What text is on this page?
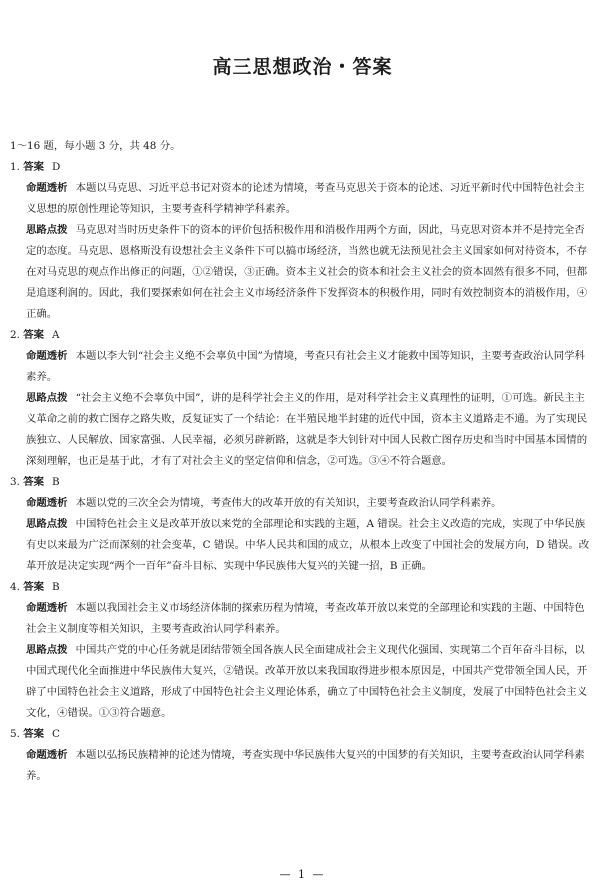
高三思想政治・答案

1～16 题，每小题 3 分，共 48 分。

1. 答案 D

命题透析 本题以马克思、习近平总书记对资本的论述为情境，考查马克思关于资本的论述、习近平新时代中国特色社会主义思想的原创性理论等知识，主要考查科学精神学科素养。

思路点拨 马克思对当时历史条件下的资本的评价包括积极作用和消极作用两个方面，因此，马克思对资本并不是持完全否定的态度。马克思、恩格斯没有设想社会主义条件下可以搞市场经济，当然也就无法预见社会主义国家如何对待资本，不存在对马克思的观点作出修正的问题，①②错误，③正确。资本主义社会的资本和社会主义社会的资本固然有很多不同，但都是追逐利润的。因此，我们要探索如何在社会主义市场经济条件下发挥资本的积极作用，同时有效控制资本的消极作用，④正确。

2. 答案 A

命题透析 本题以李大钊“社会主义绝不会辜负中国”为情境，考查只有社会主义才能救中国等知识，主要考查政治认同学科素养。

思路点拨 “社会主义绝不会辜负中国”，讲的是科学社会主义的作用，是对科学社会主义真理性的证明，①可选。新民主主义革命之前的救亡图存之路失败，反复证实了一个结论：在半殖民地半封建的近代中国，资本主义道路走不通。为了实现民族独立、人民解放、国家富强、人民幸福，必须另辟新路，这就是李大钊针对中国人民救亡图存历史和当时中国基本国情的深刻理解，也正是基于此，才有了对社会主义的坚定信仰和信念，②可选。③④不符合题意。

3. 答案 B

命题透析 本题以党的三次全会为情境，考查伟大的改革开放的有关知识，主要考查政治认同学科素养。

思路点拨 中国特色社会主义是改革开放以来党的全部理论和实践的主题，A 错误。社会主义改造的完成，实现了中华民族有史以来最为广泛而深刻的社会变革，C 错误。中华人民共和国的成立，从根本上改变了中国社会的发展方向，D 错误。改革开放是决定实现“两个一百年”奋斗目标、实现中华民族伟大复兴的关键一招，B 正确。

4. 答案 B

命题透析 本题以我国社会主义市场经济体制的探索历程为情境，考查改革开放以来党的全部理论和实践的主题、中国特色社会主义制度等相关知识，主要考查政治认同学科素养。

思路点拨 中国共产党的中心任务就是团结带领全国各族人民全面建成社会主义现代化强国、实现第二个百年奋斗目标，以中国式现代化全面推进中华民族伟大复兴，②错误。改革开放以来我国取得进步根本原因是，中国共产党带领全国人民，开辟了中国特色社会主义道路，形成了中国特色社会主义理论体系，确立了中国特色社会主义制度，发展了中国特色社会主义文化，④错误。①③符合题意。

5. 答案 C

命题透析 本题以弘扬民族精神的论述为情境，考查实现中华民族伟大复兴的中国梦的有关知识，主要考查政治认同学科素养。

— 1 —
